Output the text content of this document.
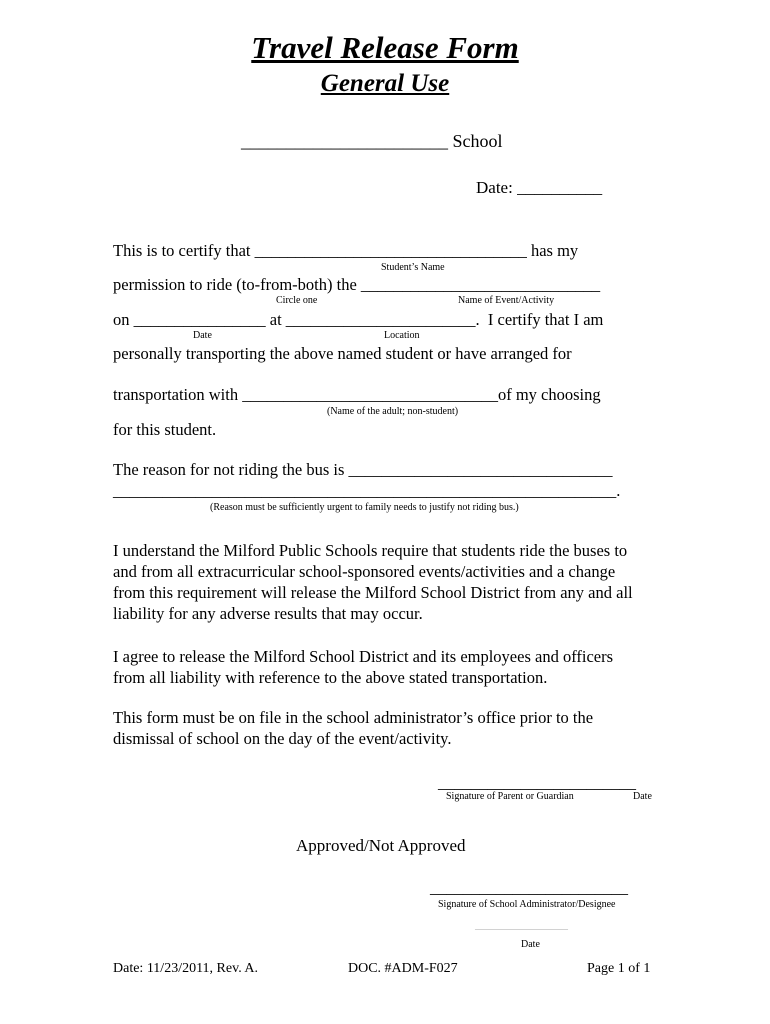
Travel Release Form
General Use
_______________________ School
Date: __________
This is to certify that _________________________________ has my
Student’s Name
permission to ride (to-from-both) the _____________________________
Circle one	Name of Event/Activity
on ________________ at _______________________.  I certify that I am
Date	Location
personally transporting the above named student or have arranged for
transportation with _______________________________of my choosing
(Name of the adult; non-student)
for this student.
The reason for not riding the bus is ________________________________
_____________________________________________________________.
(Reason must be sufficiently urgent to family needs to justify not riding bus.)
I understand the Milford Public Schools require that students ride the buses to and from all extracurricular school-sponsored events/activities and a change from this requirement will release the Milford School District from any and all liability for any adverse results that may occur.
I agree to release the Milford School District and its employees and officers from all liability with reference to the above stated transportation.
This form must be on file in the school administrator’s office prior to the dismissal of school on the day of the event/activity.
________________________
Signature of Parent or Guardian	Date
Approved/Not Approved
________________________
Signature of School Administrator/Designee
_______________________________
Date
Date: 11/23/2011, Rev. A.	DOC. #ADM-F027	Page 1 of 1
